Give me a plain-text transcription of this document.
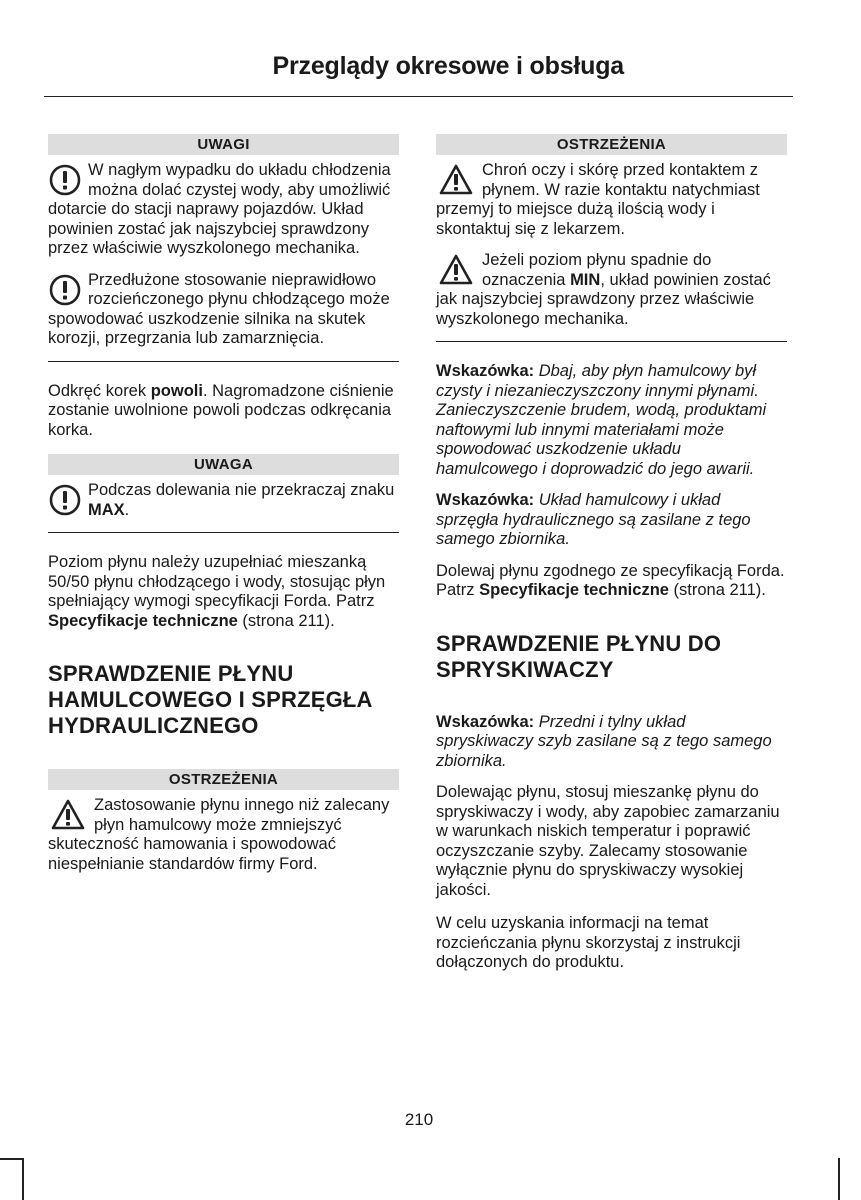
Przeglądy okresowe i obsługa
UWAGI
W nagłym wypadku do układu chłodzenia można dolać czystej wody, aby umożliwić dotarcie do stacji naprawy pojazdów. Układ powinien zostać jak najszybciej sprawdzony przez właściwie wyszkolonego mechanika.
Przedłużone stosowanie nieprawidłowo rozcieńczonego płynu chłodzącego może spowodować uszkodzenie silnika na skutek korozji, przegrzania lub zamarznięcia.

Odkręć korek powoli. Nagromadzone ciśnienie zostanie uwolnione powoli podczas odkręcania korka.

UWAGA
Podczas dolewania nie przekraczaj znaku MAX.

Poziom płynu należy uzupełniać mieszanką 50/50 płynu chłodzącego i wody, stosując płyn spełniający wymogi specyfikacji Forda. Patrz Specyfikacje techniczne (strona 211).

SPRAWDZENIE PŁYNU HAMULCOWEGO I SPRZĘGŁA HYDRAULICZNEGO
OSTRZEŻENIA
Zastosowanie płynu innego niż zalecany płyn hamulcowy może zmniejszyć skuteczność hamowania i spowodować niespełnianie standardów firmy Ford.
OSTRZEŻENIA
Chroń oczy i skórę przed kontaktem z płynem. W razie kontaktu natychmiast przemyj to miejsce dużą ilością wody i skontaktuj się z lekarzem.
Jeżeli poziom płynu spadnie do oznaczenia MIN, układ powinien zostać jak najszybciej sprawdzony przez właściwie wyszkolonego mechanika.

Wskazówka: Dbaj, aby płyn hamulcowy był czysty i niezanieczyszczony innymi płynami. Zanieczyszczenie brudem, wodą, produktami naftowymi lub innymi materiałami może spowodować uszkodzenie układu hamulcowego i doprowadzić do jego awarii.

Wskazówka: Układ hamulcowy i układ sprzęgła hydraulicznego są zasilane z tego samego zbiornika.

Dolewaj płynu zgodnego ze specyfikacją Forda. Patrz Specyfikacje techniczne (strona 211).

SPRAWDZENIE PŁYNU DO SPRYSKIWACZY

Wskazówka: Przedni i tylny układ spryskiwaczy szyb zasilane są z tego samego zbiornika.

Dolewając płynu, stosuj mieszankę płynu do spryskiwaczy i wody, aby zapobiec zamarzaniu w warunkach niskich temperatur i poprawić oczyszczanie szyby. Zalecamy stosowanie wyłącznie płynu do spryskiwaczy wysokiej jakości.

W celu uzyskania informacji na temat rozcieńczania płynu skorzystaj z instrukcji dołączonych do produktu.

210
